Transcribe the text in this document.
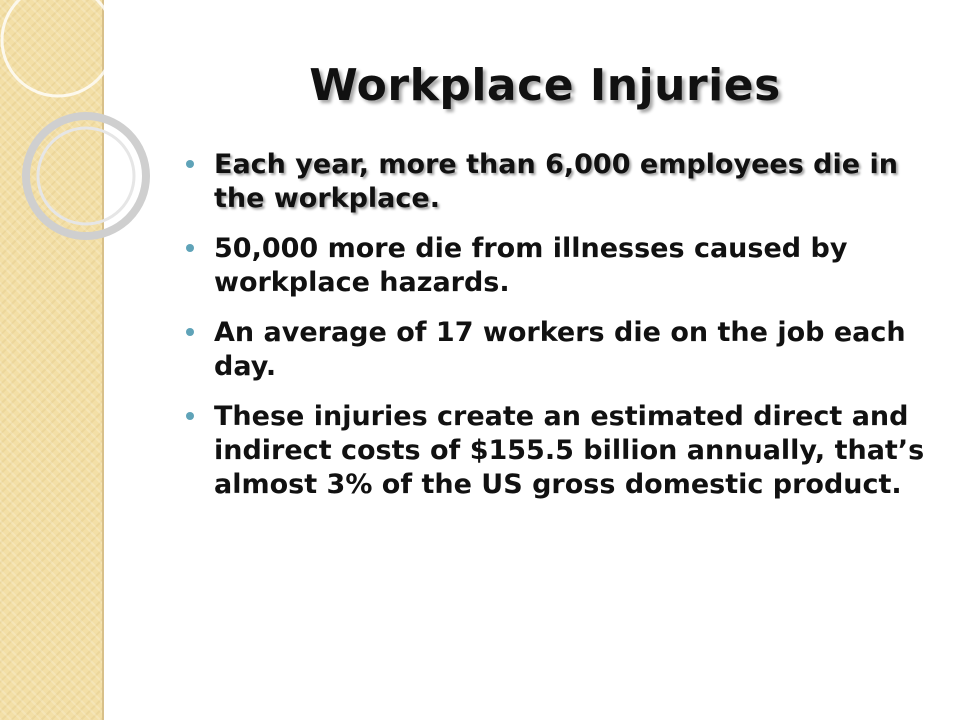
Workplace Injuries
Each year, more than 6,000 employees die in the workplace.
50,000 more die from illnesses caused by workplace hazards.
An average of 17 workers die on the job each day.
These injuries create an estimated direct and indirect costs of $155.5 billion annually, that’s almost 3% of the US gross domestic product.
